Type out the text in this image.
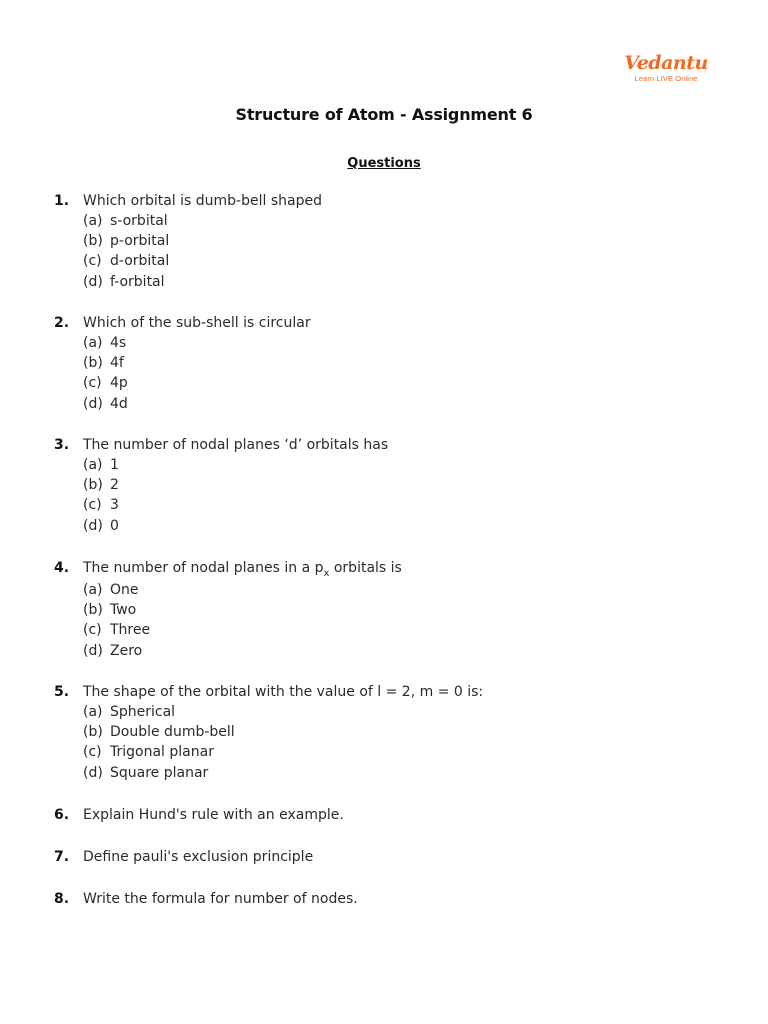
Vedantu
Learn LIVE Online
Structure of Atom - Assignment 6
Questions
1. Which orbital is dumb-bell shaped
(a) s-orbital
(b) p-orbital
(c) d-orbital
(d) f-orbital
2. Which of the sub-shell is circular
(a) 4s
(b) 4f
(c) 4p
(d) 4d
3. The number of nodal planes ‘d’ orbitals has
(a) 1
(b) 2
(c) 3
(d) 0
4. The number of nodal planes in a $p_x$ orbitals is
(a) One
(b) Two
(c) Three
(d) Zero
5. The shape of the orbital with the value of l = 2, m = 0 is:
(a) Spherical
(b) Double dumb-bell
(c) Trigonal planar
(d) Square planar
6. Explain Hund's rule with an example.
7. Define pauli's exclusion principle
8. Write the formula for number of nodes.
